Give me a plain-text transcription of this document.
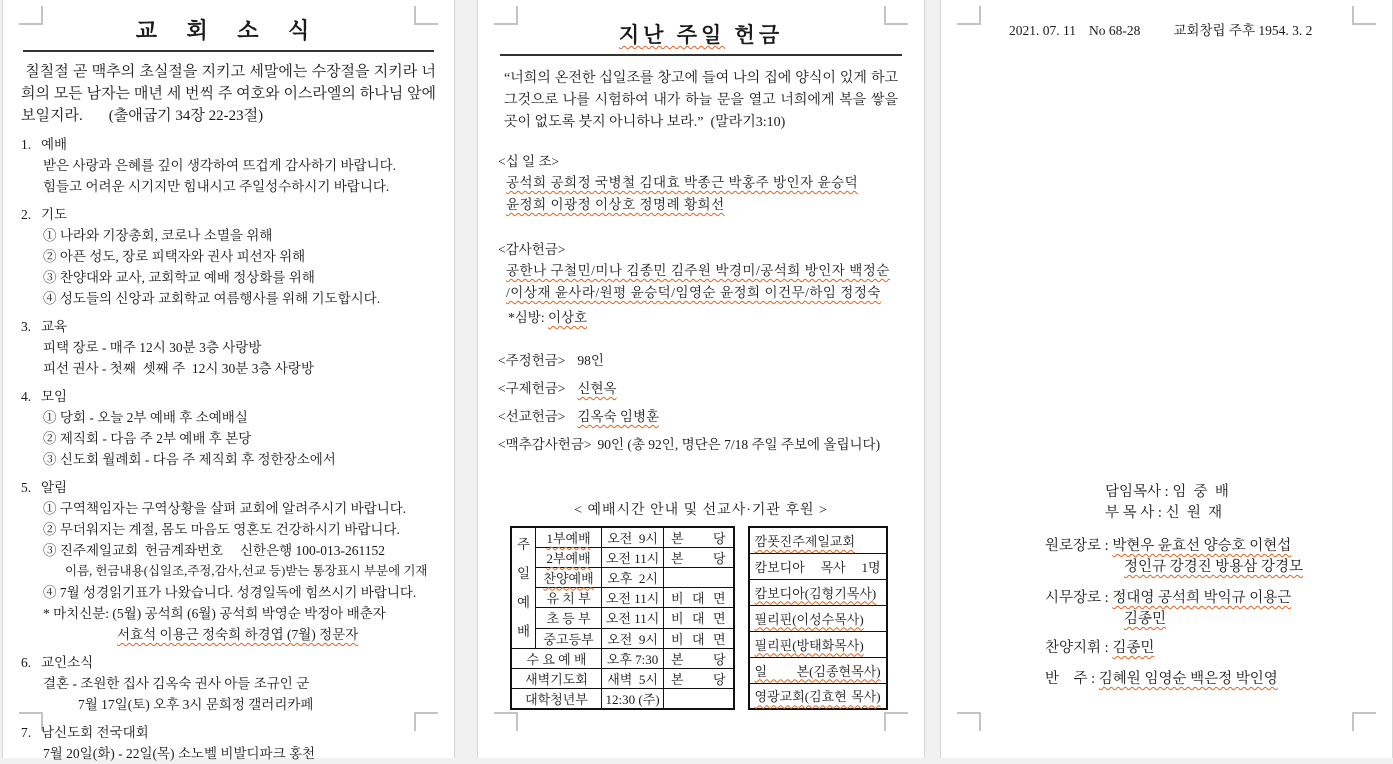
교 회 소 식
칠칠절 곧 맥추의 초실절을 지키고 세말에는 수장절을 지키라 너희의 모든 남자는 매년 세 번씩 주 여호와 이스라엘의 하나님 앞에 보일지라. (출애굽기 34장 22-23절)
1. 예배
받은 사랑과 은혜를 깊이 생각하여 뜨겁게 감사하기 바랍니다.
힘들고 어려운 시기지만 힘내시고 주일성수하시기 바랍니다.
2. 기도
① 나라와 기장총회, 코로나 소멸을 위해
② 아픈 성도, 장로 피택자와 권사 피선자 위해
③ 찬양대와 교사, 교회학교 예배 정상화를 위해
④ 성도들의 신앙과 교회학교 여름행사를 위해 기도합시다.
3. 교육
피택 장로 - 매주 12시 30분 3층 사랑방
피선 권사 - 첫째  셋째 주  12시 30분 3층 사랑방
4. 모임
① 당회 - 오늘 2부 예배 후 소예배실
② 제직회 - 다음 주 2부 예배 후 본당
③ 신도회 월례회 - 다음 주 제직회 후 정한장소에서
5. 알림
① 구역책임자는 구역상황을 살펴 교회에 알려주시기 바랍니다.
② 무더워지는 계절, 몸도 마음도 영혼도 건강하시기 바랍니다.
③ 진주제일교회  헌금계좌번호     신한은행 100-013-261152
이름, 헌금내용(십일조,주정,감사,선교 등)받는 통장표시 부분에 기재
④ 7월 성경읽기표가 나왔습니다. 성경일독에 힘쓰시기 바랍니다.
* 마치신분: (5월) 공석희 (6월) 공석희 박영순 박정아 배춘자
서효석 이용근 정숙희 하경엽 (7월) 정문자
6. 교인소식
결혼 - 조원한 집사 김옥숙 권사 아들 조규인 군
7월 17일(토) 오후 3시 문희정 갤러리카페
7. 남신도회 전국대회
7월 20일(화) - 22일(목) 소노벨 비발디파크 홍천
지난 주일 헌금
“너희의 온전한 십일조를 창고에 들여 나의 집에 양식이 있게 하고 그것으로 나를 시험하여 내가 하늘 문을 열고 너희에게 복을 쌓을 곳이 없도록 붓지 아니하나 보라.”  (말라기3:10)
<십 일 조>
공석희 공희정 국병철 김대효 박종근 박홍주 방인자 윤승덕
윤정희 이광정 이상호 정명례 황희선
<감사헌금>
공한나 구철민/미나 김종민 김주원 박경미/공석희 방인자 백정순
/이상재 윤사라/원평 윤승덕/임영순 윤정희 이건무/하임 정정숙
*심방: 이상호
<주정헌금> 98인
<구제헌금> 신현옥
<선교헌금> 김옥숙 임병훈
<맥추감사헌금> 90인 (총 92인, 명단은 7/18 주일 주보에 올립니다)
< 예배시간 안내 및 선교사·기관 후원 >
주일예배	1부예배	오전  9시	본 당
	2부예배	오전 11시	본 당
	찬양예배	오후  2시	
	유 치 부	오전 11시	비 대 면
	초 등 부	오전 11시	비 대 면
	중고등부	오전  9시	비 대 면
수 요 예 배		오후 7:30	본 당
새벽기도회		새벽  5시	본 당
대학청년부		12:30 (주)	
깜폿진주제일교회
캄보디아 목사 1명
캄보디아(김형기목사)
필리핀(이성수목사)
필리핀(방태화목사)
일 본(김종현목사)
영광교회(김효현 목사)
2021. 07. 11 No 68-28 교회창립 주후 1954. 3. 2
담임목사 : 임  중  배
부 목 사 : 신  원  재
원로장로 : 박현우 윤효선 양승호 이현섭
정인규 강경진 방용삼 강경모
시무장로 : 정대영 공석희 박익규 이용근
김종민
찬양지휘 : 김종민
반    주 : 김혜원 임영순 백은정 박인영
